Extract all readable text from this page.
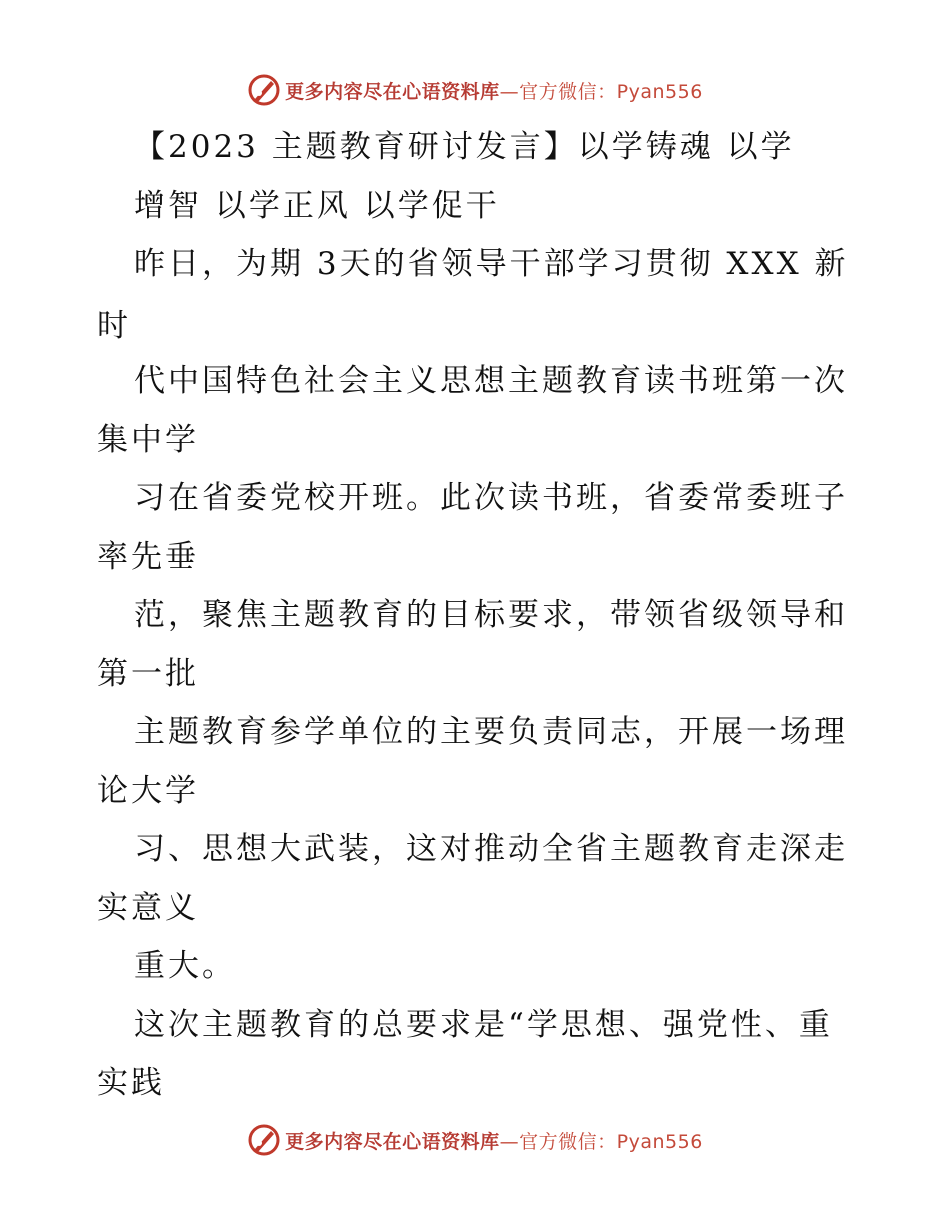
更多内容尽在心语资料库—官方微信：Pyan556
【2023 主题教育研讨发言】以学铸魂 以学
增智 以学正风 以学促干
昨日，为期 3天的省领导干部学习贯彻 XXX 新
时
代中国特色社会主义思想主题教育读书班第一次
集中学
习在省委党校开班。此次读书班，省委常委班子
率先垂
范，聚焦主题教育的目标要求，带领省级领导和
第一批
主题教育参学单位的主要负责同志，开展一场理
论大学
习、思想大武装，这对推动全省主题教育走深走
实意义
重大。
这次主题教育的总要求是“学思想、强党性、重
实践
更多内容尽在心语资料库—官方微信：Pyan556
